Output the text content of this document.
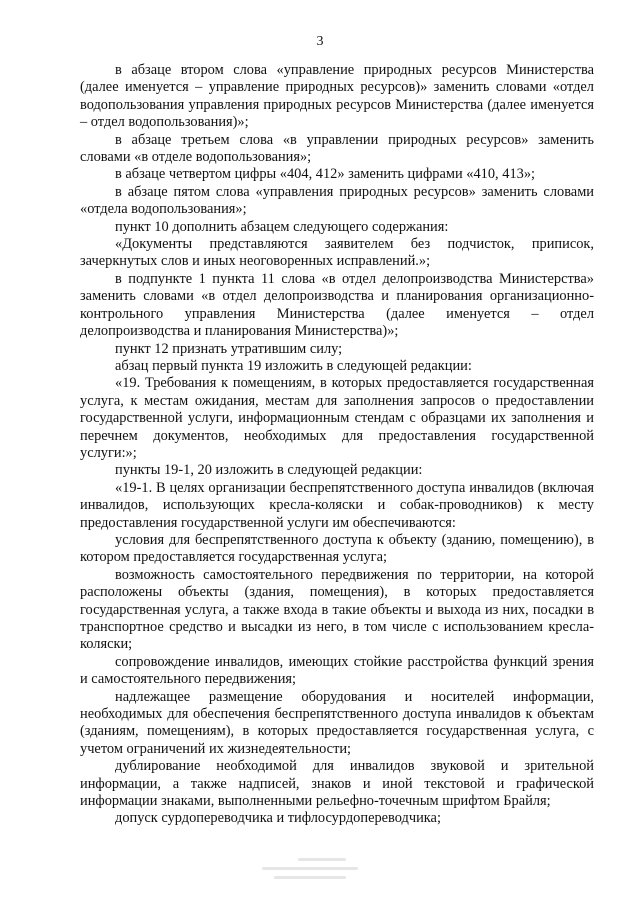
3

в абзаце втором слова «управление природных ресурсов Министерства (далее именуется – управление природных ресурсов)» заменить словами «отдел водопользования управления природных ресурсов Министерства (далее именуется – отдел водопользования)»;

в абзаце третьем слова «в управлении природных ресурсов» заменить словами «в отделе водопользования»;

в абзаце четвертом цифры «404, 412» заменить цифрами «410, 413»;

в абзаце пятом слова «управления природных ресурсов» заменить словами «отдела водопользования»;

пункт 10 дополнить абзацем следующего содержания:

«Документы представляются заявителем без подчисток, приписок, зачеркнутых слов и иных неоговоренных исправлений.»;

в подпункте 1 пункта 11 слова «в отдел делопроизводства Министерства» заменить словами «в отдел делопроизводства и планирования организационно-контрольного управления Министерства (далее именуется – отдел делопроизводства и планирования Министерства)»;

пункт 12 признать утратившим силу;

абзац первый пункта 19 изложить в следующей редакции:

«19. Требования к помещениям, в которых предоставляется государственная услуга, к местам ожидания, местам для заполнения запросов о предоставлении государственной услуги, информационным стендам с образцами их заполнения и перечнем документов, необходимых для предоставления государственной услуги:»;

пункты 19-1, 20 изложить в следующей редакции:

«19-1. В целях организации беспрепятственного доступа инвалидов (включая инвалидов, использующих кресла-коляски и собак-проводников) к месту предоставления государственной услуги им обеспечиваются:

условия для беспрепятственного доступа к объекту (зданию, помещению), в котором предоставляется государственная услуга;

возможность самостоятельного передвижения по территории, на которой расположены объекты (здания, помещения), в которых предоставляется государственная услуга, а также входа в такие объекты и выхода из них, посадки в транспортное средство и высадки из него, в том числе с использованием кресла-коляски;

сопровождение инвалидов, имеющих стойкие расстройства функций зрения и самостоятельного передвижения;

надлежащее размещение оборудования и носителей информации, необходимых для обеспечения беспрепятственного доступа инвалидов к объектам (зданиям, помещениям), в которых предоставляется государственная услуга, с учетом ограничений их жизнедеятельности;

дублирование необходимой для инвалидов звуковой и зрительной информации, а также надписей, знаков и иной текстовой и графической информации знаками, выполненными рельефно-точечным шрифтом Брайля;

допуск сурдопереводчика и тифлосурдопереводчика;
